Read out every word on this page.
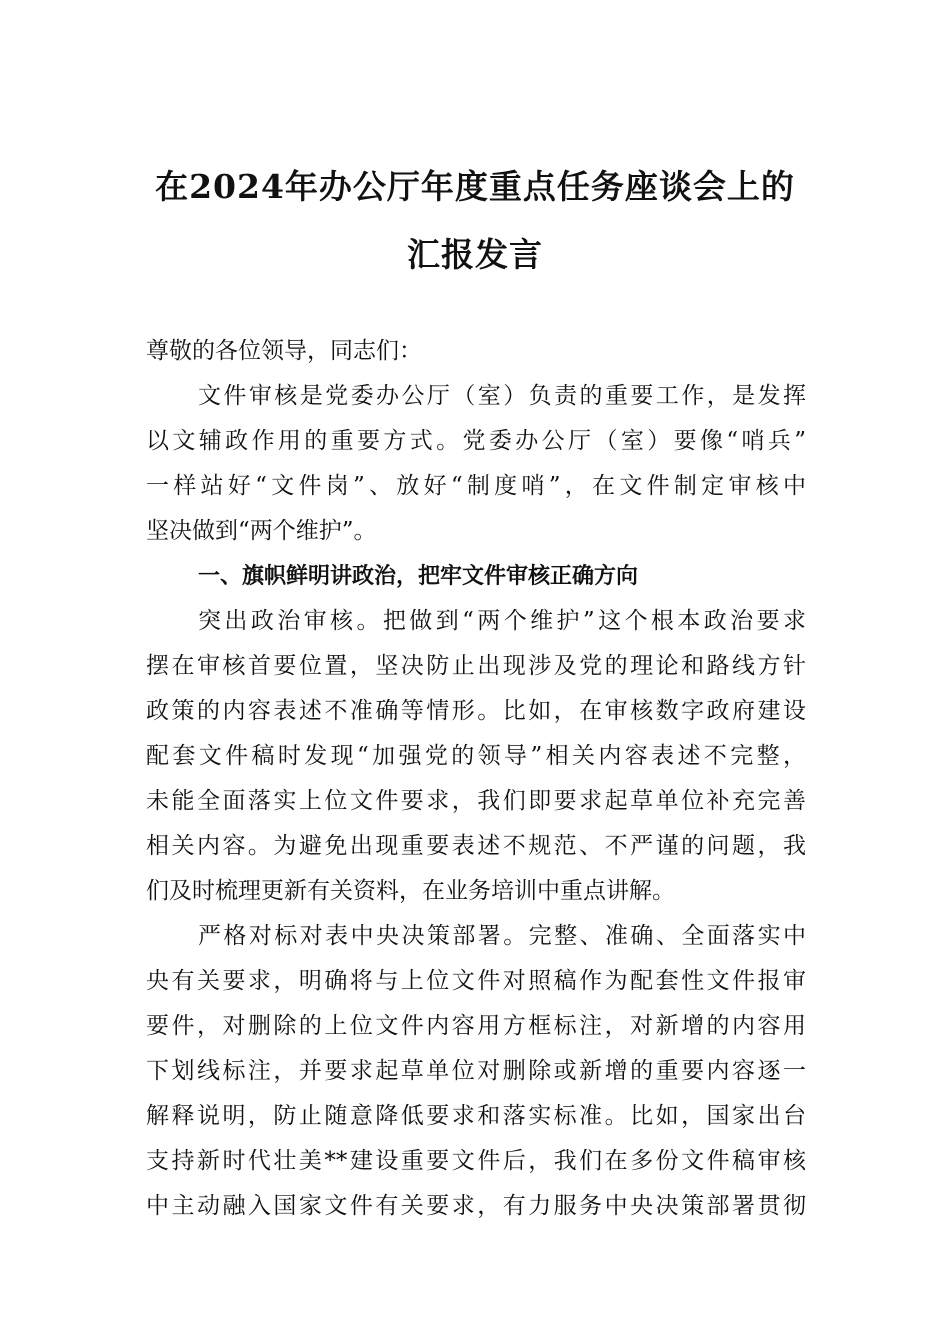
在2024年办公厅年度重点任务座谈会上的
汇报发言
尊敬的各位领导，同志们：
文件审核是党委办公厅（室）负责的重要工作，是发挥
以文辅政作用的重要方式。党委办公厅（室）要像“哨兵”
一样站好“文件岗”、放好“制度哨”，在文件制定审核中
坚决做到“两个维护”。
一、旗帜鲜明讲政治，把牢文件审核正确方向
突出政治审核。把做到“两个维护”这个根本政治要求
摆在审核首要位置，坚决防止出现涉及党的理论和路线方针
政策的内容表述不准确等情形。比如，在审核数字政府建设
配套文件稿时发现“加强党的领导”相关内容表述不完整，
未能全面落实上位文件要求，我们即要求起草单位补充完善
相关内容。为避免出现重要表述不规范、不严谨的问题，我
们及时梳理更新有关资料，在业务培训中重点讲解。
严格对标对表中央决策部署。完整、准确、全面落实中
央有关要求，明确将与上位文件对照稿作为配套性文件报审
要件，对删除的上位文件内容用方框标注，对新增的内容用
下划线标注，并要求起草单位对删除或新增的重要内容逐一
解释说明，防止随意降低要求和落实标准。比如，国家出台
支持新时代壮美**建设重要文件后，我们在多份文件稿审核
中主动融入国家文件有关要求，有力服务中央决策部署贯彻
